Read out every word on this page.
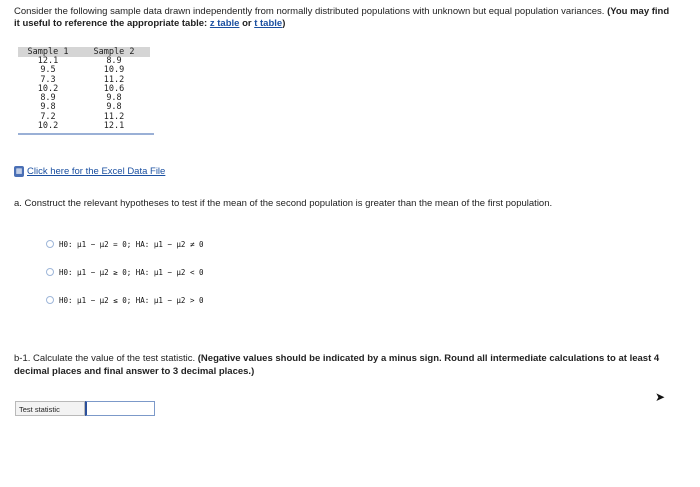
Consider the following sample data drawn independently from normally distributed populations with unknown but equal population variances. (You may find it useful to reference the appropriate table: z table or t table)
Sample 1	Sample 2
12.1	8.9
9.5	10.9
7.3	11.2
10.2	10.6
8.9	9.8
9.8	9.8
7.2	11.2
10.2	12.1
▦ Click here for the Excel Data File
a. Construct the relevant hypotheses to test if the mean of the second population is greater than the mean of the first population.
H0: μ1 − μ2 = 0; HA: μ1 − μ2 ≠ 0
H0: μ1 − μ2 ≥ 0; HA: μ1 − μ2 < 0
H0: μ1 − μ2 ≤ 0; HA: μ1 − μ2 > 0
b-1. Calculate the value of the test statistic. (Negative values should be indicated by a minus sign. Round all intermediate calculations to at least 4 decimal places and final answer to 3 decimal places.)
Test statistic
➤
